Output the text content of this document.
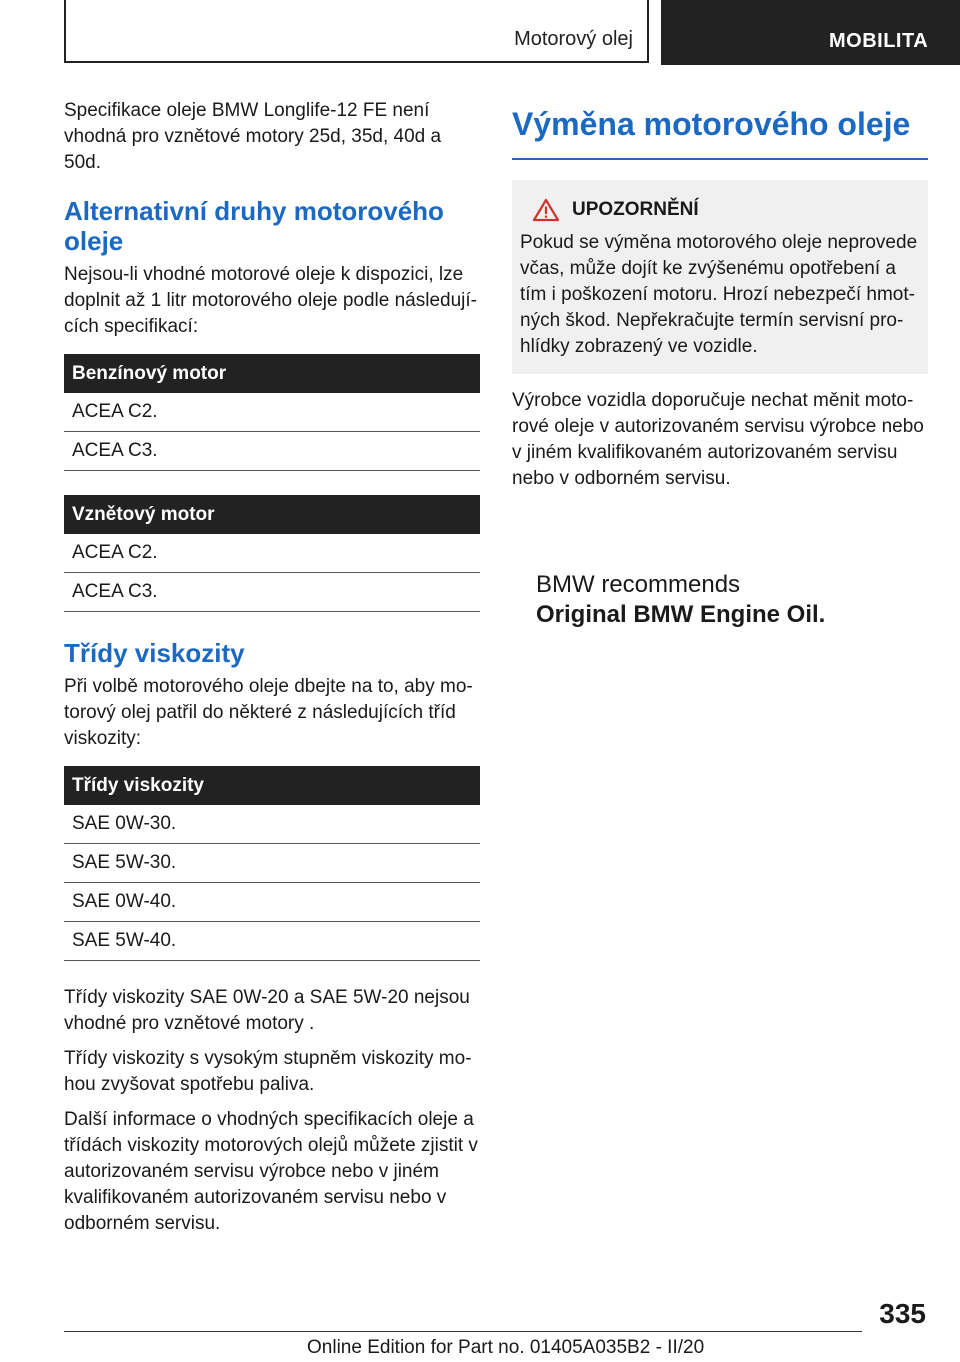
Motorový olej	MOBILITA

Specifikace oleje BMW Longlife-12 FE není vhodná pro vznětové motory 25d, 35d, 40d a 50d.

Alternativní druhy motorového oleje

Nejsou-li vhodné motorové oleje k dispozici, lze doplnit až 1 litr motorového oleje podle následujících specifikací:

Benzínový motor
ACEA C2.
ACEA C3.
Vznětový motor
ACEA C2.
ACEA C3.
Třídy viskozity

Při volbě motorového oleje dbejte na to, aby motorový olej patřil do některé z následujících tříd viskozity:

Třídy viskozity
SAE 0W-30.
SAE 5W-30.
SAE 0W-40.
SAE 5W-40.

Třídy viskozity SAE 0W-20 a SAE 5W-20 nejsou vhodné pro vznětové motory .

Třídy viskozity s vysokým stupněm viskozity mohou zvyšovat spotřebu paliva.

Další informace o vhodných specifikacích oleje a třídách viskozity motorových olejů můžete zjistit v autorizovaném servisu výrobce nebo v jiném kvalifikovaném autorizovaném servisu nebo v odborném servisu.

Výměna motorového oleje
UPOZORNĚNÍ

Pokud se výměna motorového oleje neprovede včas, může dojít ke zvýšenému opotřebení a tím i poškození motoru. Hrozí nebezpečí hmotných škod. Nepřekračujte termín servisní prohlídky zobrazený ve vozidle.

Výrobce vozidla doporučuje nechat měnit motorové oleje v autorizovaném servisu výrobce nebo v jiném kvalifikovaném autorizovaném servisu nebo v odborném servisu.

BMW recommends
Original BMW Engine Oil.
335
Online Edition for Part no. 01405A035B2 - II/20
